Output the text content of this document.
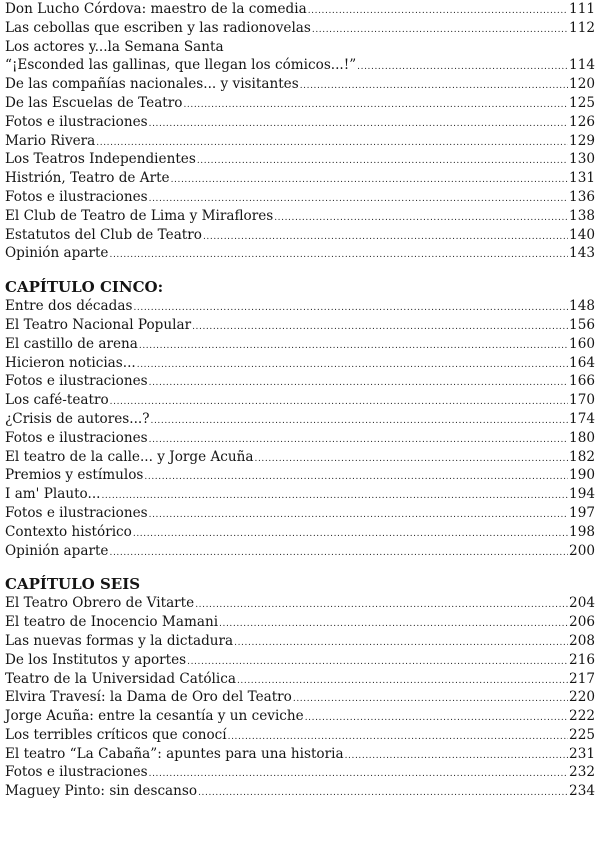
Don Lucho Córdova: maestro de la comedia .....	111
Las cebollas que escriben y las radionovelas .....	112
Los actores y...la Semana Santa
“¡Esconded las gallinas, que llegan los cómicos...!” .....	114
De las compañías nacionales... y visitantes .....	120
De las Escuelas de Teatro .....	125
Fotos e ilustraciones .....	126
Mario Rivera .....	129
Los Teatros Independientes .....	130
Histrión, Teatro de Arte .....	131
Fotos e ilustraciones .....	136
El Club de Teatro de Lima y Miraflores .....	138
Estatutos del Club de Teatro .....	140
Opinión aparte .....	143
CAPÍTULO CINCO:
Entre dos décadas .....	148
El Teatro Nacional Popular .....	156
El castillo de arena .....	160
Hicieron noticias... .....	164
Fotos e ilustraciones .....	166
Los café-teatro .....	170
¿Crisis de autores...? .....	174
Fotos e ilustraciones .....	180
El teatro de la calle... y Jorge Acuña .....	182
Premios y estímulos .....	190
I am' Plauto... .....	194
Fotos e ilustraciones .....	197
Contexto histórico .....	198
Opinión aparte .....	200
CAPÍTULO SEIS
El Teatro Obrero de Vitarte .....	204
El teatro de Inocencio Mamani .....	206
Las nuevas formas y la dictadura .....	208
De los Institutos y aportes .....	216
Teatro de la Universidad Católica .....	217
Elvira Travesí: la Dama de Oro del Teatro .....	220
Jorge Acuña: entre la cesantía y un ceviche .....	222
Los terribles críticos que conocí .....	225
El teatro “La Cabaña”: apuntes para una historia .....	231
Fotos e ilustraciones .....	232
Maguey Pinto: sin descanso .....	234
